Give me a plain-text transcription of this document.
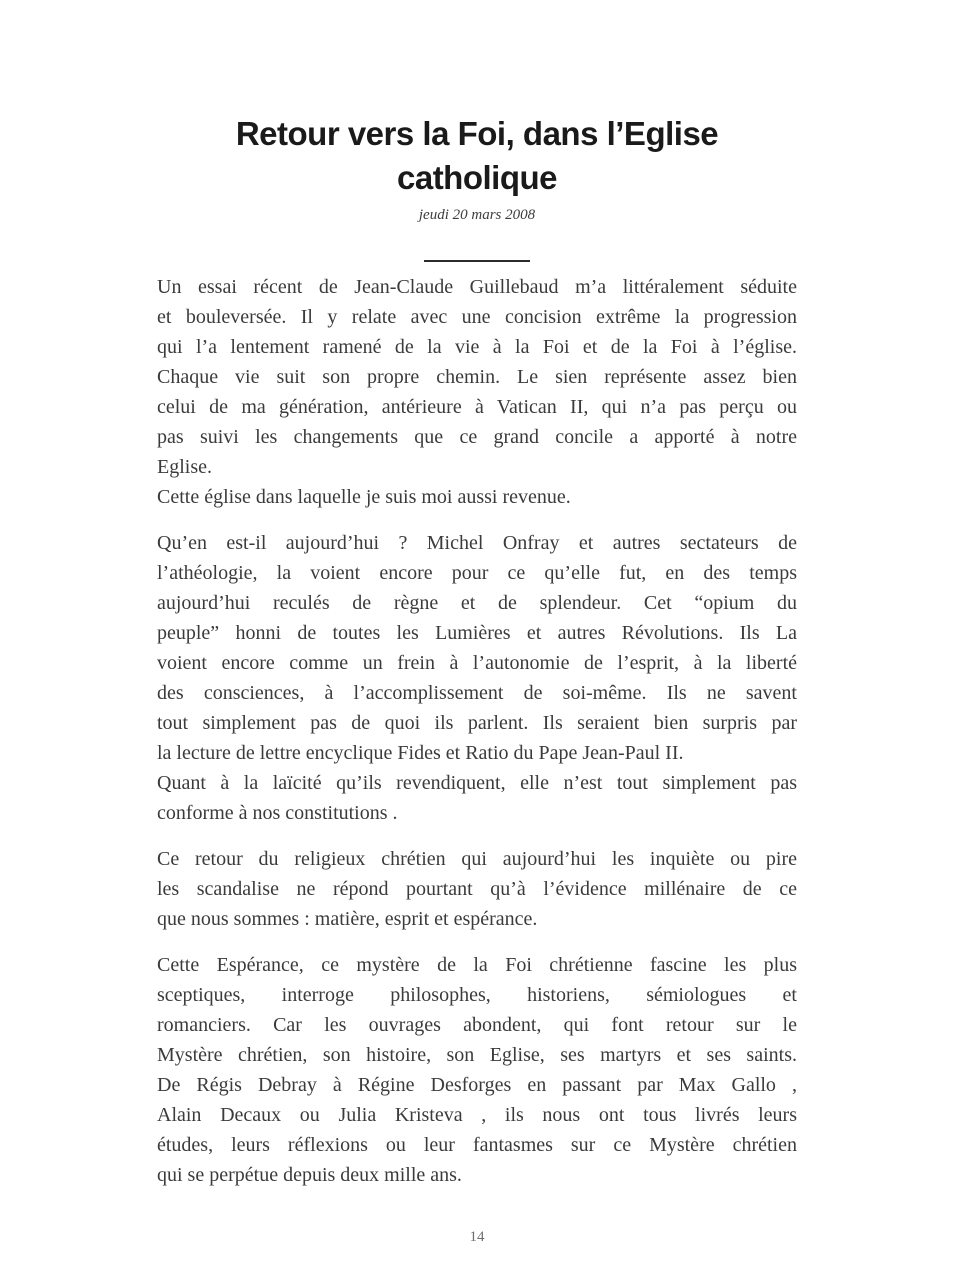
Retour vers la Foi, dans l’Eglise catholique
jeudi 20 mars 2008
Un essai récent de Jean-Claude Guillebaud m’a littéralement séduite
et bouleversée. Il y relate avec une concision extrême la progression
qui l’a lentement ramené de la vie à la Foi et de la Foi à l’église.
Chaque vie suit son propre chemin. Le sien représente assez bien
celui de ma génération, antérieure à Vatican II, qui n’a pas perçu ou
pas suivi les changements que ce grand concile a apporté à notre
Eglise.
Cette église dans laquelle je suis moi aussi revenue.
Qu’en est-il aujourd’hui ? Michel Onfray et autres sectateurs de
l’athéologie, la voient encore pour ce qu’elle fut, en des temps
aujourd’hui reculés de règne et de splendeur. Cet “opium du
peuple” honni de toutes les Lumières et autres Révolutions. Ils La
voient encore comme un frein à l’autonomie de l’esprit, à la liberté
des consciences, à l’accomplissement de soi-même. Ils ne savent
tout simplement pas de quoi ils parlent. Ils seraient bien surpris par
la lecture de lettre encyclique Fides et Ratio du Pape Jean-Paul II.
Quant à la laïcité qu’ils revendiquent, elle n’est tout simplement pas
conforme à nos constitutions .
Ce retour du religieux chrétien qui aujourd’hui les inquiète ou pire
les scandalise ne répond pourtant qu’à l’évidence millénaire de ce
que nous sommes : matière, esprit et espérance.
Cette Espérance, ce mystère de la Foi chrétienne fascine les plus
sceptiques, interroge philosophes, historiens, sémiologues et
romanciers. Car les ouvrages abondent, qui font retour sur le
Mystère chrétien, son histoire, son Eglise, ses martyrs et ses saints.
De Régis Debray à Régine Desforges en passant par Max Gallo ,
Alain Decaux ou Julia Kristeva , ils nous ont tous livrés leurs
études, leurs réflexions ou leur fantasmes sur ce Mystère chrétien
qui se perpétue depuis deux mille ans.
14
